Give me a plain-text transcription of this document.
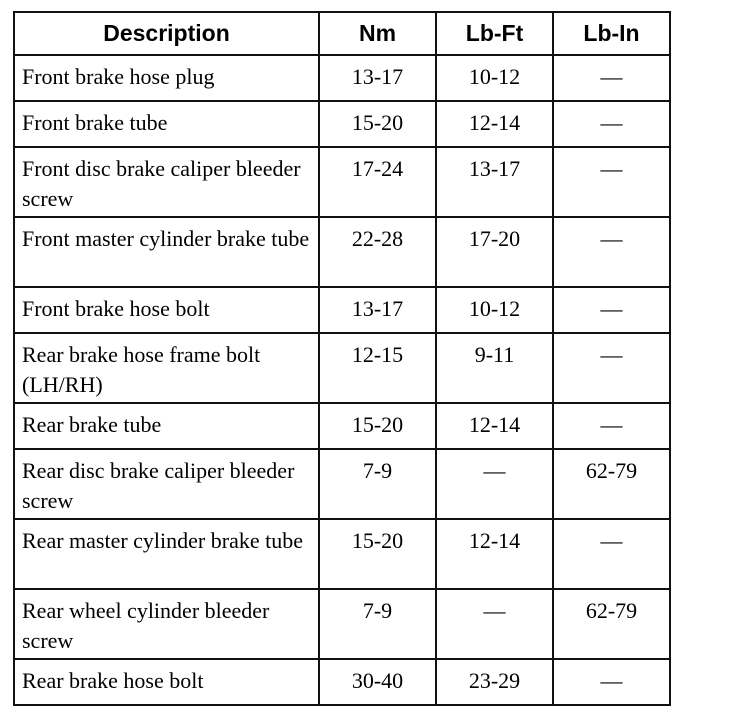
Description	Nm	Lb-Ft	Lb-In
Front brake hose plug	13-17	10-12	—
Front brake tube	15-20	12-14	—
Front disc brake caliper bleeder screw	17-24	13-17	—
Front master cylinder brake tube	22-28	17-20	—
Front brake hose bolt	13-17	10-12	—
Rear brake hose frame bolt (LH/RH)	12-15	9-11	—
Rear brake tube	15-20	12-14	—
Rear disc brake caliper bleeder screw	7-9	—	62-79
Rear master cylinder brake tube	15-20	12-14	—
Rear wheel cylinder bleeder screw	7-9	—	62-79
Rear brake hose bolt	30-40	23-29	—
